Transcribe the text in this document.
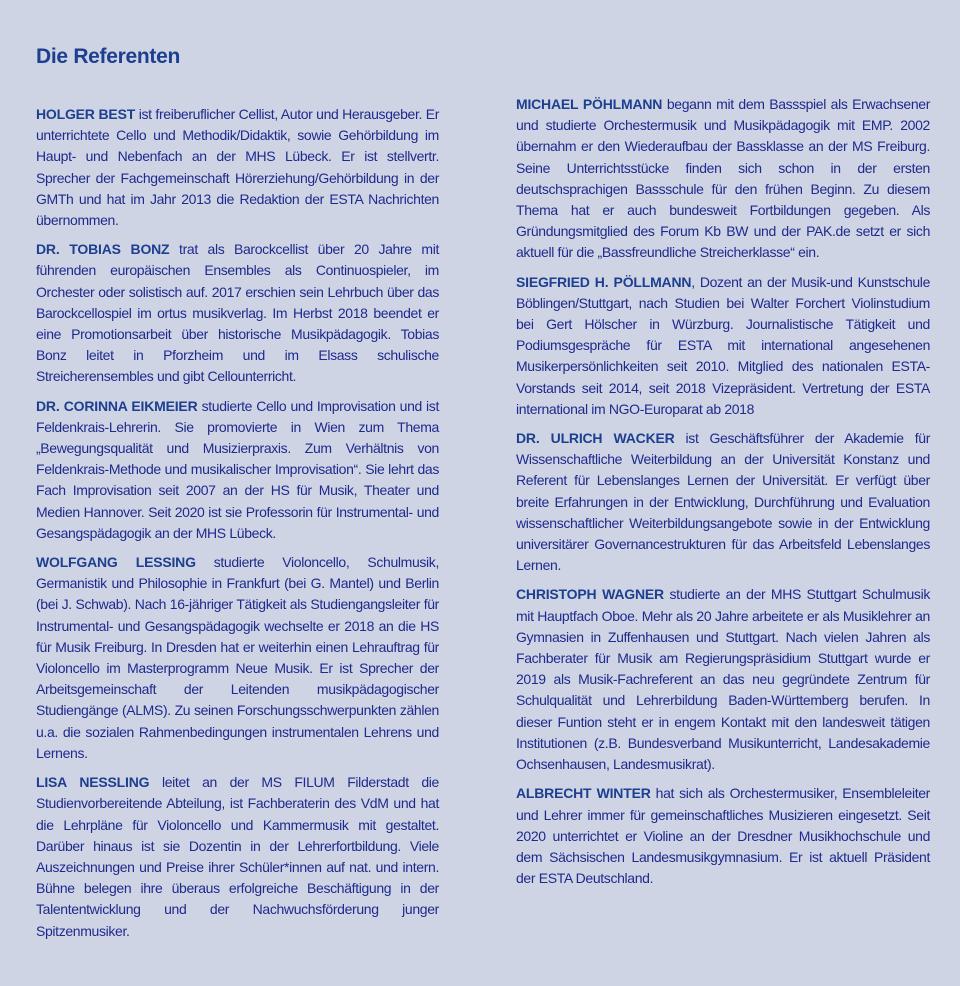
Die Referenten

HOLGER BEST ist freiberuflicher Cellist, Autor und Herausgeber. Er unterrichtete Cello und Methodik/Didaktik, sowie Gehörbildung im Haupt- und Nebenfach an der MHS Lübeck. Er ist stellvertr. Sprecher der Fachgemeinschaft Hörerziehung/Gehörbildung in der GMTh und hat im Jahr 2013 die Redaktion der ESTA Nachrichten übernommen.

DR. TOBIAS BONZ trat als Barockcellist über 20 Jahre mit führenden europäischen Ensembles als Continuospieler, im Orchester oder solistisch auf. 2017 erschien sein Lehrbuch über das Barockcellospiel im ortus musikverlag. Im Herbst 2018 beendet er eine Promotionsarbeit über historische Musikpädagogik. Tobias Bonz leitet in Pforzheim und im Elsass schulische Streicherensembles und gibt Cellounterricht.

DR. CORINNA EIKMEIER studierte Cello und Improvisation und ist Feldenkrais-Lehrerin. Sie promovierte in Wien zum Thema „Bewegungsqualität und Musizierpraxis. Zum Verhältnis von Feldenkrais-Methode und musikalischer Improvisation“. Sie lehrt das Fach Improvisation seit 2007 an der HS für Musik, Theater und Medien Hannover. Seit 2020 ist sie Professorin für Instrumental- und Gesangspädagogik an der MHS Lübeck.

WOLFGANG LESSING studierte Violoncello, Schulmusik, Germanistik und Philosophie in Frankfurt (bei G. Mantel) und Berlin (bei J. Schwab). Nach 16-jähriger Tätigkeit als Studiengangsleiter für Instrumental- und Gesangspädagogik wechselte er 2018 an die HS für Musik Freiburg. In Dresden hat er weiterhin einen Lehrauftrag für Violoncello im Masterprogramm Neue Musik. Er ist Sprecher der Arbeitsgemeinschaft der Leitenden musikpädagogischer Studiengänge (ALMS). Zu seinen Forschungsschwerpunkten zählen u.a. die sozialen Rahmenbedingungen instrumentalen Lehrens und Lernens.

LISA NESSLING leitet an der MS FILUM Filderstadt die Studienvorbereitende Abteilung, ist Fachberaterin des VdM und hat die Lehrpläne für Violoncello und Kammermusik mit gestaltet. Darüber hinaus ist sie Dozentin in der Lehrerfortbildung. Viele Auszeichnungen und Preise ihrer Schüler*innen auf nat. und intern. Bühne belegen ihre überaus erfolgreiche Beschäftigung in der Talententwicklung und der Nachwuchsförderung junger Spitzenmusiker.

MICHAEL PÖHLMANN begann mit dem Bassspiel als Erwachsener und studierte Orchestermusik und Musikpädagogik mit EMP. 2002 übernahm er den Wiederaufbau der Bassklasse an der MS Freiburg. Seine Unterrichtsstücke finden sich schon in der ersten deutschsprachigen Bassschule für den frühen Beginn. Zu diesem Thema hat er auch bundesweit Fortbildungen gegeben. Als Gründungsmitglied des Forum Kb BW und der PAK.de setzt er sich aktuell für die „Bassfreundliche Streicherklasse“ ein.

SIEGFRIED H. PÖLLMANN, Dozent an der Musik-und Kunstschule Böblingen/Stuttgart, nach Studien bei Walter Forchert Violinstudium bei Gert Hölscher in Würzburg. Journalistische Tätigkeit und Podiumsgespräche für ESTA mit international angesehenen Musikerpersönlichkeiten seit 2010. Mitglied des nationalen ESTA-Vorstands seit 2014, seit 2018 Vizepräsident. Vertretung der ESTA international im NGO-Europarat ab 2018

DR. ULRICH WACKER ist Geschäftsführer der Akademie für Wissenschaftliche Weiterbildung an der Universität Konstanz und Referent für Lebenslanges Lernen der Universität. Er verfügt über breite Erfahrungen in der Entwicklung, Durchführung und Evaluation wissenschaftlicher Weiterbildungsangebote sowie in der Entwicklung universitärer Governancestrukturen für das Arbeitsfeld Lebenslanges Lernen.

CHRISTOPH WAGNER studierte an der MHS Stuttgart Schulmusik mit Hauptfach Oboe. Mehr als 20 Jahre arbeitete er als Musiklehrer an Gymnasien in Zuffenhausen und Stuttgart. Nach vielen Jahren als Fachberater für Musik am Regierungspräsidium Stuttgart wurde er 2019 als Musik-Fachreferent an das neu gegründete Zentrum für Schulqualität und Lehrerbildung Baden-Württemberg berufen. In dieser Funtion steht er in engem Kontakt mit den landesweit tätigen Institutionen (z.B. Bundesverband Musikunterricht, Landesakademie Ochsenhausen, Landesmusikrat).

ALBRECHT WINTER hat sich als Orchestermusiker, Ensembleleiter und Lehrer immer für gemeinschaftliches Musizieren eingesetzt. Seit 2020 unterrichtet er Violine an der Dresdner Musikhochschule und dem Sächsischen Landesmusikgymnasium. Er ist aktuell Präsident der ESTA Deutschland.
